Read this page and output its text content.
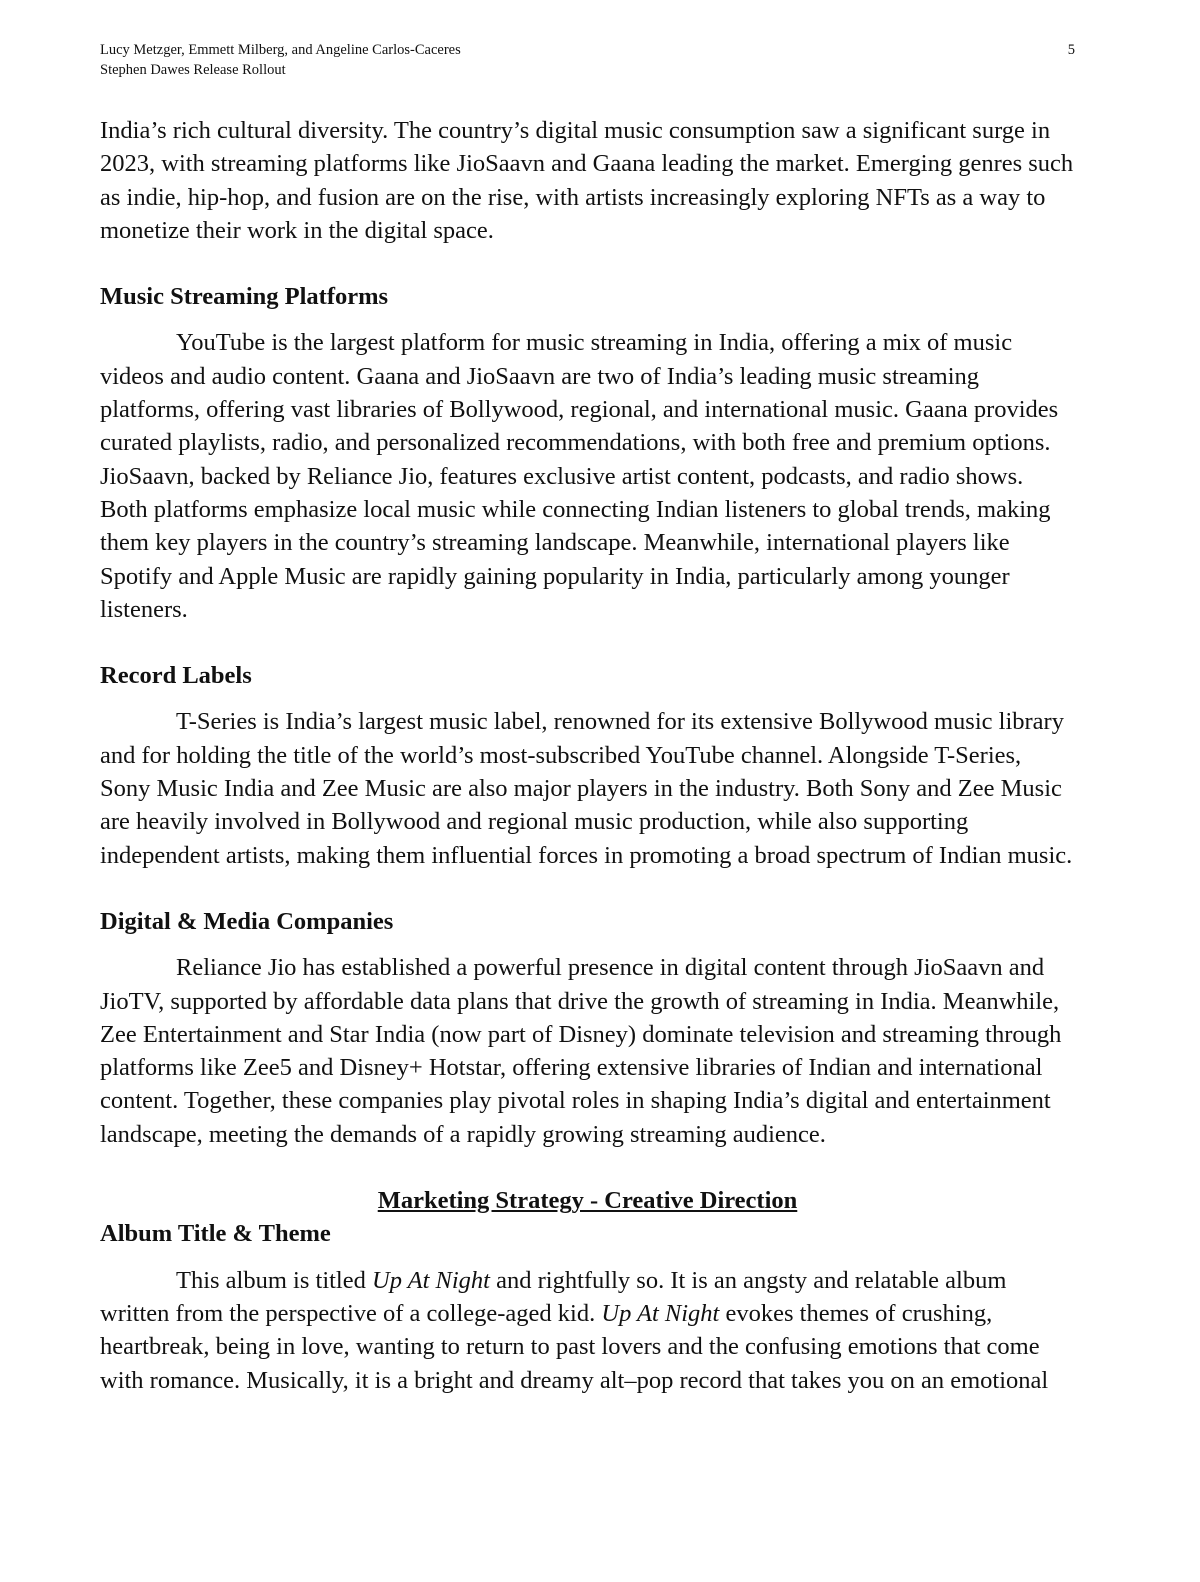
Lucy Metzger, Emmett Milberg, and Angeline Carlos-Caceres
Stephen Dawes Release Rollout
5

India’s rich cultural diversity. The country’s digital music consumption saw a significant surge in 2023, with streaming platforms like JioSaavn and Gaana leading the market. Emerging genres such as indie, hip-hop, and fusion are on the rise, with artists increasingly exploring NFTs as a way to monetize their work in the digital space.

Music Streaming Platforms

YouTube is the largest platform for music streaming in India, offering a mix of music videos and audio content. Gaana and JioSaavn are two of India’s leading music streaming platforms, offering vast libraries of Bollywood, regional, and international music. Gaana provides curated playlists, radio, and personalized recommendations, with both free and premium options. JioSaavn, backed by Reliance Jio, features exclusive artist content, podcasts, and radio shows. Both platforms emphasize local music while connecting Indian listeners to global trends, making them key players in the country’s streaming landscape. Meanwhile, international players like Spotify and Apple Music are rapidly gaining popularity in India, particularly among younger listeners.

Record Labels

T-Series is India’s largest music label, renowned for its extensive Bollywood music library and for holding the title of the world’s most-subscribed YouTube channel. Alongside T-Series, Sony Music India and Zee Music are also major players in the industry. Both Sony and Zee Music are heavily involved in Bollywood and regional music production, while also supporting independent artists, making them influential forces in promoting a broad spectrum of Indian music.

Digital & Media Companies

Reliance Jio has established a powerful presence in digital content through JioSaavn and JioTV, supported by affordable data plans that drive the growth of streaming in India. Meanwhile, Zee Entertainment and Star India (now part of Disney) dominate television and streaming through platforms like Zee5 and Disney+ Hotstar, offering extensive libraries of Indian and international content. Together, these companies play pivotal roles in shaping India’s digital and entertainment landscape, meeting the demands of a rapidly growing streaming audience.

Marketing Strategy - Creative Direction

Album Title & Theme

This album is titled Up At Night and rightfully so. It is an angsty and relatable album written from the perspective of a college-aged kid. Up At Night evokes themes of crushing, heartbreak, being in love, wanting to return to past lovers and the confusing emotions that come with romance. Musically, it is a bright and dreamy alt–pop record that takes you on an emotional
